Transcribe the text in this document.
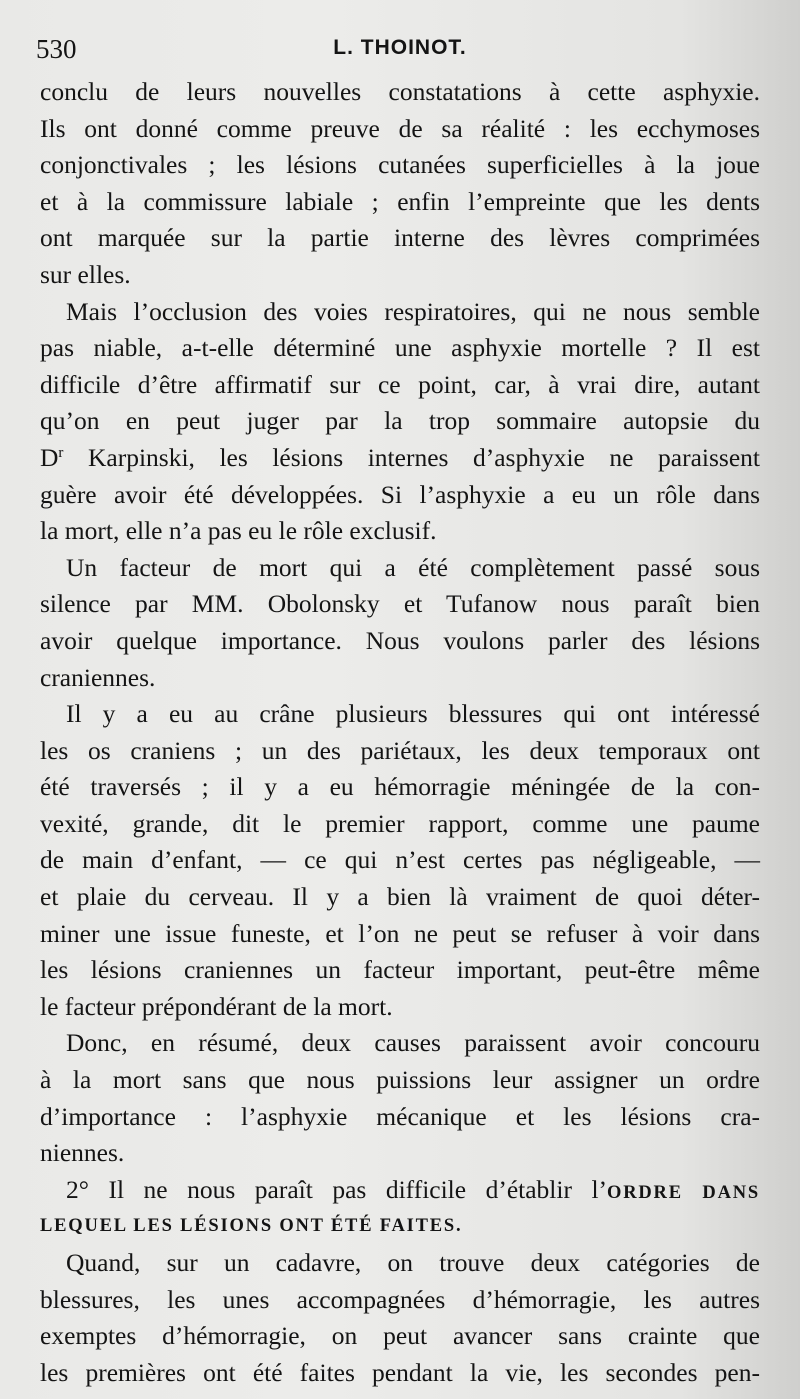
530	L. THOINOT.
conclu de leurs nouvelles constatations à cette asphyxie.
Ils ont donné comme preuve de sa réalité : les ecchymoses
conjonctivales ; les lésions cutanées superficielles à la joue
et à la commissure labiale ; enfin l’empreinte que les dents
ont marquée sur la partie interne des lèvres comprimées
sur elles.
Mais l’occlusion des voies respiratoires, qui ne nous semble
pas niable, a-t-elle déterminé une asphyxie mortelle ? Il est
difficile d’être affirmatif sur ce point, car, à vrai dire, autant
qu’on en peut juger par la trop sommaire autopsie du
$D^r$ Karpinski, les lésions internes d’asphyxie ne paraissent
guère avoir été développées. Si l’asphyxie a eu un rôle dans
la mort, elle n’a pas eu le rôle exclusif.
Un facteur de mort qui a été complètement passé sous
silence par MM. Obolonsky et Tufanow nous paraît bien
avoir quelque importance. Nous voulons parler des lésions
craniennes.
Il y a eu au crâne plusieurs blessures qui ont intéressé
les os craniens ; un des pariétaux, les deux temporaux ont
été traversés ; il y a eu hémorragie méningée de la con-
vexité, grande, dit le premier rapport, comme une paume
de main d’enfant, — ce qui n’est certes pas négligeable, —
et plaie du cerveau. Il y a bien là vraiment de quoi déter-
miner une issue funeste, et l’on ne peut se refuser à voir dans
les lésions craniennes un facteur important, peut-être même
le facteur prépondérant de la mort.
Donc, en résumé, deux causes paraissent avoir concouru
à la mort sans que nous puissions leur assigner un ordre
d’importance : l’asphyxie mécanique et les lésions cra-
niennes.
2° Il ne nous paraît pas difficile d’établir l’ORDRE DANS
LEQUEL LES LÉSIONS ONT ÉTÉ FAITES.
Quand, sur un cadavre, on trouve deux catégories de
blessures, les unes accompagnées d’hémorragie, les autres
exemptes d’hémorragie, on peut avancer sans crainte que
les premières ont été faites pendant la vie, les secondes pen-
